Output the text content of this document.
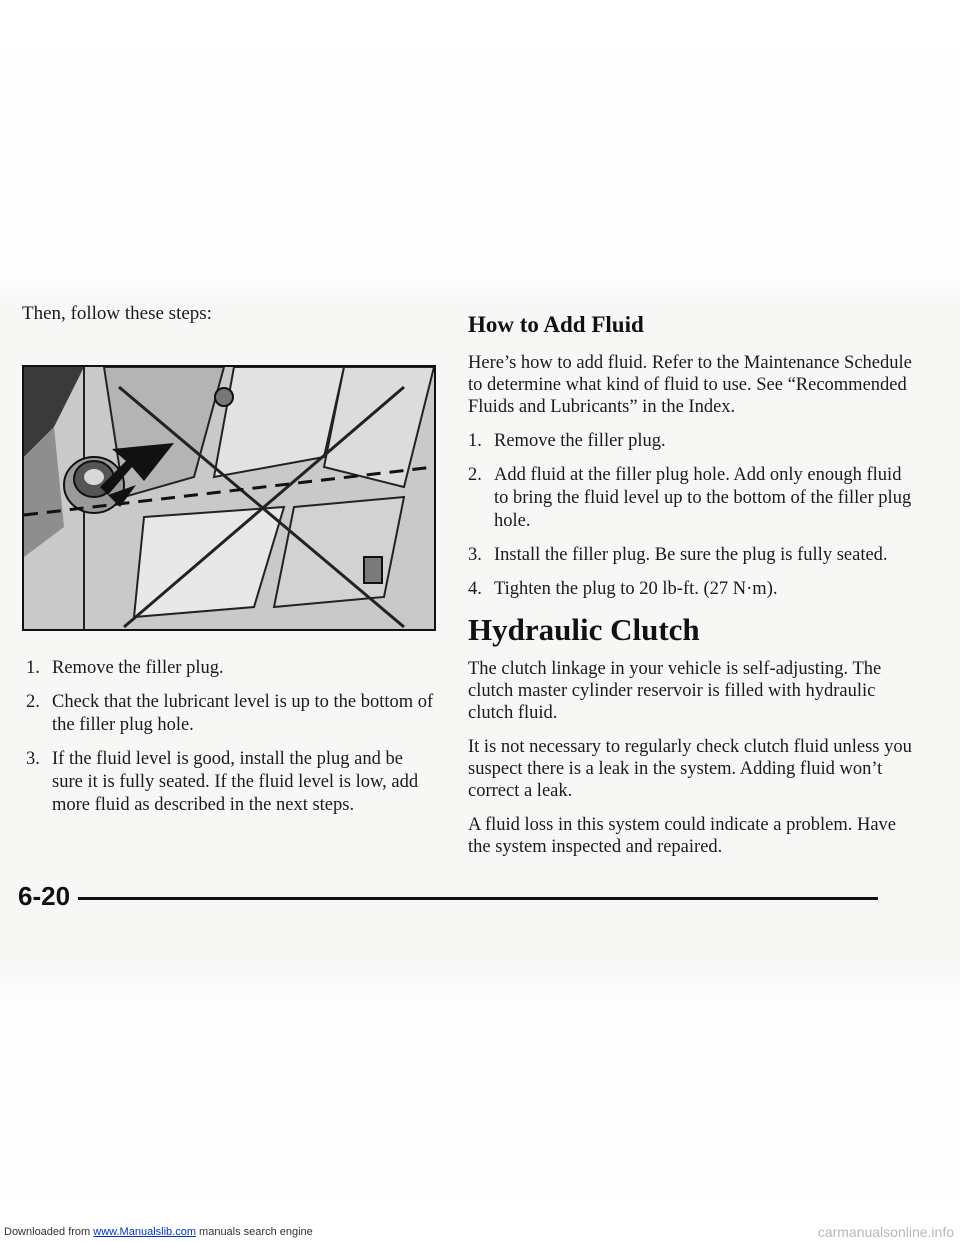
Then, follow these steps:

1. Remove the filler plug.
2. Check that the lubricant level is up to the bottom of the filler plug hole.
3. If the fluid level is good, install the plug and be sure it is fully seated. If the fluid level is low, add more fluid as described in the next steps.
How to Add Fluid

Here’s how to add fluid. Refer to the Maintenance Schedule to determine what kind of fluid to use. See “Recommended Fluids and Lubricants” in the Index.

1. Remove the filler plug.
2. Add fluid at the filler plug hole. Add only enough fluid to bring the fluid level up to the bottom of the filler plug hole.
3. Install the filler plug. Be sure the plug is fully seated.
4. Tighten the plug to 20 lb-ft. (27 N·m).
Hydraulic Clutch

The clutch linkage in your vehicle is self-adjusting. The clutch master cylinder reservoir is filled with hydraulic clutch fluid.

It is not necessary to regularly check clutch fluid unless you suspect there is a leak in the system. Adding fluid won’t correct a leak.

A fluid loss in this system could indicate a problem. Have the system inspected and repaired.

6-20
Downloaded from www.Manualslib.com manuals search engine	carmanualsonline.info
